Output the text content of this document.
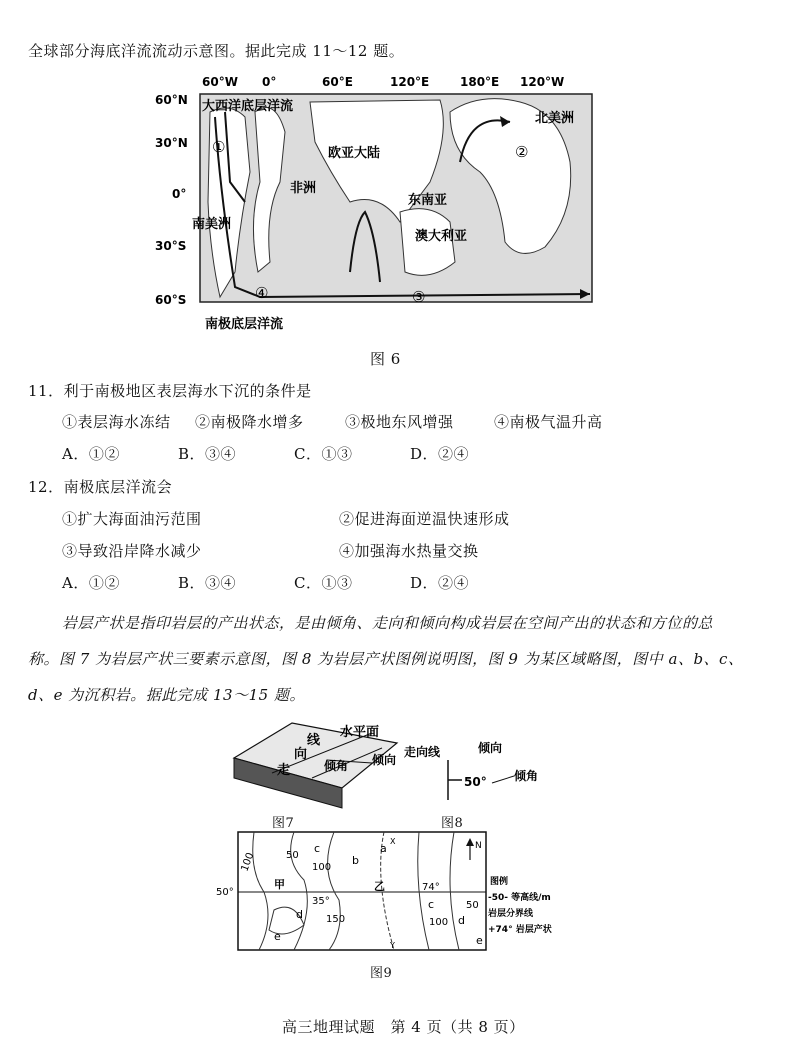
全球部分海底洋流流动示意图。据此完成 11～12 题。
60°W 0°	60°E	120°E	180°E 120°W
60°N
30°N
0°
30°S
60°S
大西洋底层洋流
北美洲
欧亚大陆
非洲
东南亚
南美洲
澳大利亚
南极底层洋流
①	②
③
④
图 6
11．利于南极地区表层海水下沉的条件是
①表层海水冻结 ②南极降水增多	③极地东风增强	④南极气温升高
A．①②	B．③④	C．①③	D．②④
12．南极底层洋流会
①扩大海面油污范围	②促进海面逆温快速形成
③导致沿岸降水减少	④加强海水热量交换
A．①②	B．③④	C．①③	D．②④
岩层产状是指印岩层的产出状态，是由倾角、走向和倾向构成岩层在空间产出的状态和方位的总
称。图 7 为岩层产状三要素示意图，图 8 为岩层产状图例说明图，图 9 为某区域略图，图中 a、b、c、
d、e 为沉积岩。据此完成 13～15 题。
水平面
线
向
走	倾角 倾向
图7
走向线	倾向
50° 倾角
图8
100	50
100
150	100
50
c
b
a
d
e
c
d
e
甲	乙
X
Y
50°
35°
74°
N
图例
-50- 等高线/m
岩层分界线
+74° 岩层产状
图9
高三地理试题　第 4 页（共 8 页）
